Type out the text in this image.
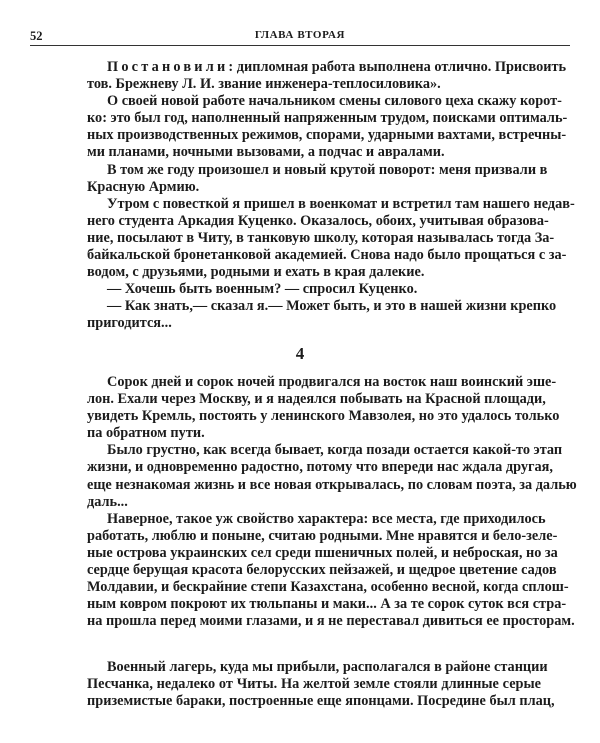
52	ГЛАВА ВТОРАЯ
Постановили: дипломная работа выполнена отлично. Присвоить
тов. Брежневу Л. И. звание инженера-теплосиловика».
О своей новой работе начальником смены силового цеха скажу корот-
ко: это был год, наполненный напряженным трудом, поисками оптималь-
ных производственных режимов, спорами, ударными вахтами, встречны-
ми планами, ночными вызовами, а подчас и авралами.
В том же году произошел и новый крутой поворот: меня призвали в
Красную Армию.
Утром с повесткой я пришел в военкомат и встретил там нашего недав-
него студента Аркадия Куценко. Оказалось, обоих, учитывая образова-
ние, посылают в Читу, в танковую школу, которая называлась тогда За-
байкальской бронетанковой академией. Снова надо было прощаться с за-
водом, с друзьями, родными и ехать в края далекие.
— Хочешь быть военным? — спросил Куценко.
— Как знать,— сказал я.— Может быть, и это в нашей жизни крепко
пригодится...
4
Сорок дней и сорок ночей продвигался на восток наш воинский эше-
лон. Ехали через Москву, и я надеялся побывать на Красной площади,
увидеть Кремль, постоять у ленинского Мавзолея, но это удалось только
па обратном пути.
Было грустно, как всегда бывает, когда позади остается какой-то этап
жизни, и одновременно радостно, потому что впереди нас ждала другая,
еще незнакомая жизнь и все новая открывалась, по словам поэта, за далью
даль...
Наверное, такое уж свойство характера: все места, где приходилось
работать, люблю и поныне, считаю родными. Мне нравятся и бело-зеле-
ные острова украинских сел среди пшеничных полей, и неброская, но за
сердце берущая красота белорусских пейзажей, и щедрое цветение садов
Молдавии, и бескрайние степи Казахстана, особенно весной, когда сплош-
ным ковром покроют их тюльпаны и маки... А за те сорок суток вся стра-
на прошла перед моими глазами, и я не переставал дивиться ее просторам.
Военный лагерь, куда мы прибыли, располагался в районе станции
Песчанка, недалеко от Читы. На желтой земле стояли длинные серые
приземистые бараки, построенные еще японцами. Посредине был плац,
